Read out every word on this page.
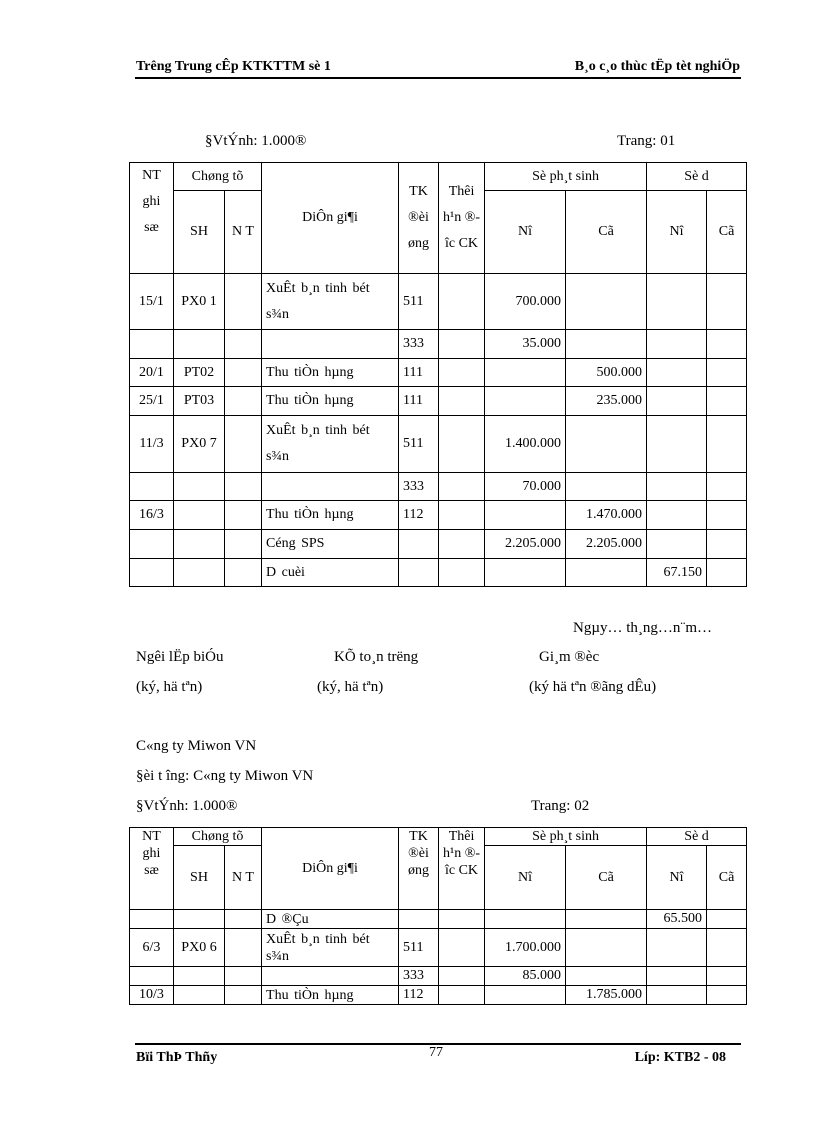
Trêng Trung cÊp KTKTTM sè 1	B¸o c¸o thùc tËp tèt nghiÖp
§VtÝnh: 1.000®	Trang: 01
NT ghi sæ	Chøng tõ		DiÔn gi¶i	TK ®èi øng	Thêi h¹n ®îc CK	Sè ph¸t sinh		Sè d	
	SH	N T				Nî	Cã	Nî	Cã
15/1	PX0 1		XuÊt b¸n tinh bét s¾n	511		700.000			
				333		35.000			
20/1	PT02		Thu tiÒn hµng	111			500.000		
25/1	PT03		Thu tiÒn hµng	111			235.000		
11/3	PX0 7		XuÊt b¸n tinh bét s¾n	511		1.400.000			
				333		70.000			
16/3			Thu tiÒn hµng	112			1.470.000		
			Céng SPS			2.205.000	2.205.000		
			D cuèi					67.150	
Ngµy… th¸ng…n¨m…
Ngêi lËp biÓu	KÕ to¸n trëng	Gi¸m ®èc
(ký, hä tªn)	(ký, hä tªn)	(ký hä tªn ®ãng dÊu)
C«ng ty Miwon VN
§èi t îng: C«ng ty Miwon VN
§VtÝnh: 1.000®	Trang: 02
NT ghi sæ	Chøng tõ		DiÔn gi¶i	TK ®èi øng	Thêi h¹n ®îc CK	Sè ph¸t sinh		Sè d	
	SH	N T				Nî	Cã	Nî	Cã
			D ®Çu					65.500	
6/3	PX0 6		XuÊt b¸n tinh bét s¾n	511		1.700.000			
				333		85.000			
10/3			Thu tiÒn hµng	112			1.785.000		
Bïi ThÞ Thñy	77	Líp: KTB2 - 08
